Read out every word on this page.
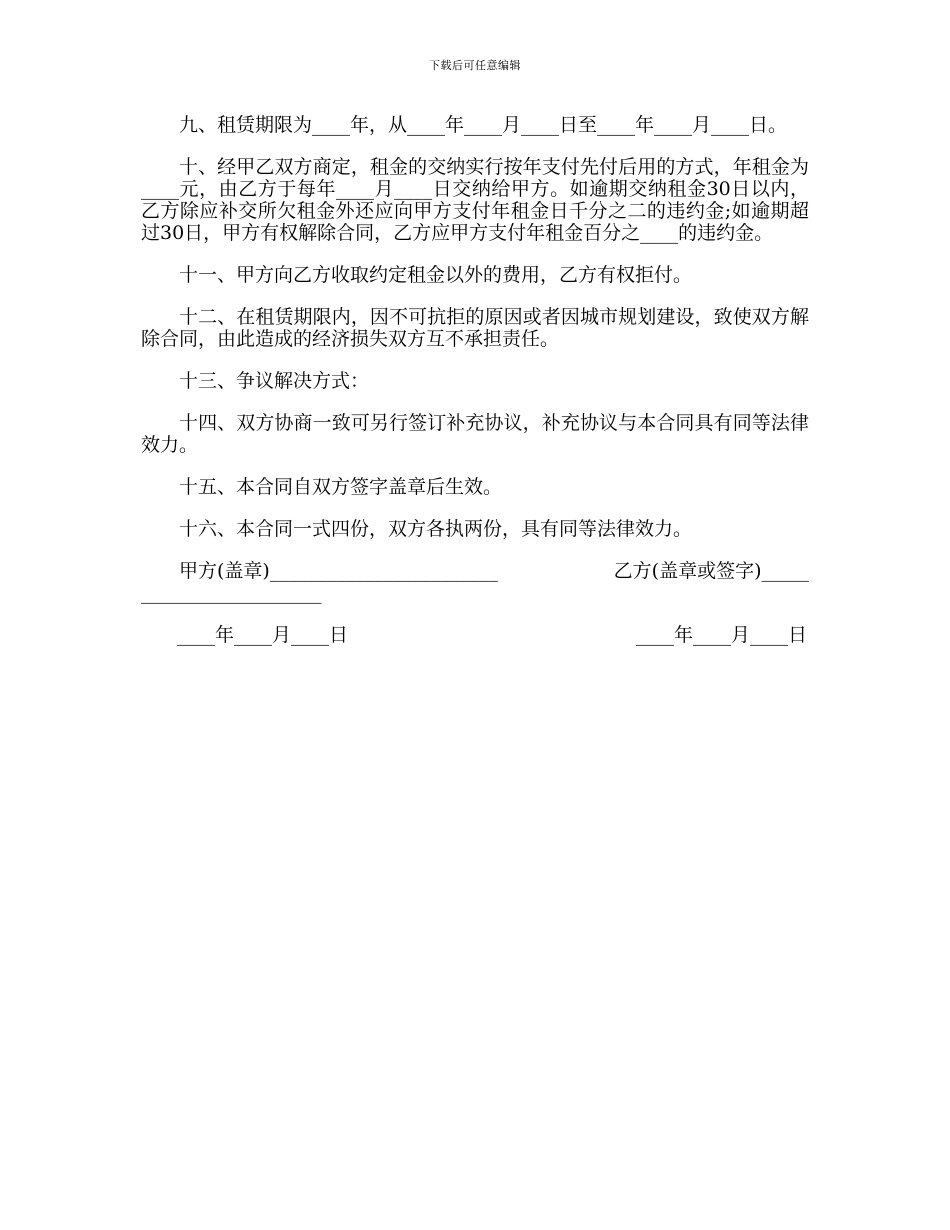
下载后可任意编辑

九、租赁期限为____年，从____年____月____日至____年____月____日。

十、经甲乙双方商定，租金的交纳实行按年支付先付后用的方式，年租金为____元，由乙方于每年____月____日交纳给甲方。如逾期交纳租金30日以内，乙方除应补交所欠租金外还应向甲方支付年租金日千分之二的违约金;如逾期超过30日，甲方有权解除合同，乙方应甲方支付年租金百分之____的违约金。

十一、甲方向乙方收取约定租金以外的费用，乙方有权拒付。

十二、在租赁期限内，因不可抗拒的原因或者因城市规划建设，致使双方解除合同，由此造成的经济损失双方互不承担责任。

十三、争议解决方式：

十四、双方协商一致可另行签订补充协议，补充协议与本合同具有同等法律效力。

十五、本合同自双方签字盖章后生效。

十六、本合同一式四份，双方各执两份，具有同等法律效力。

甲方(盖章)________________________	乙方(盖章或签字)_____
___________________
____年____月____日	____年____月____日
